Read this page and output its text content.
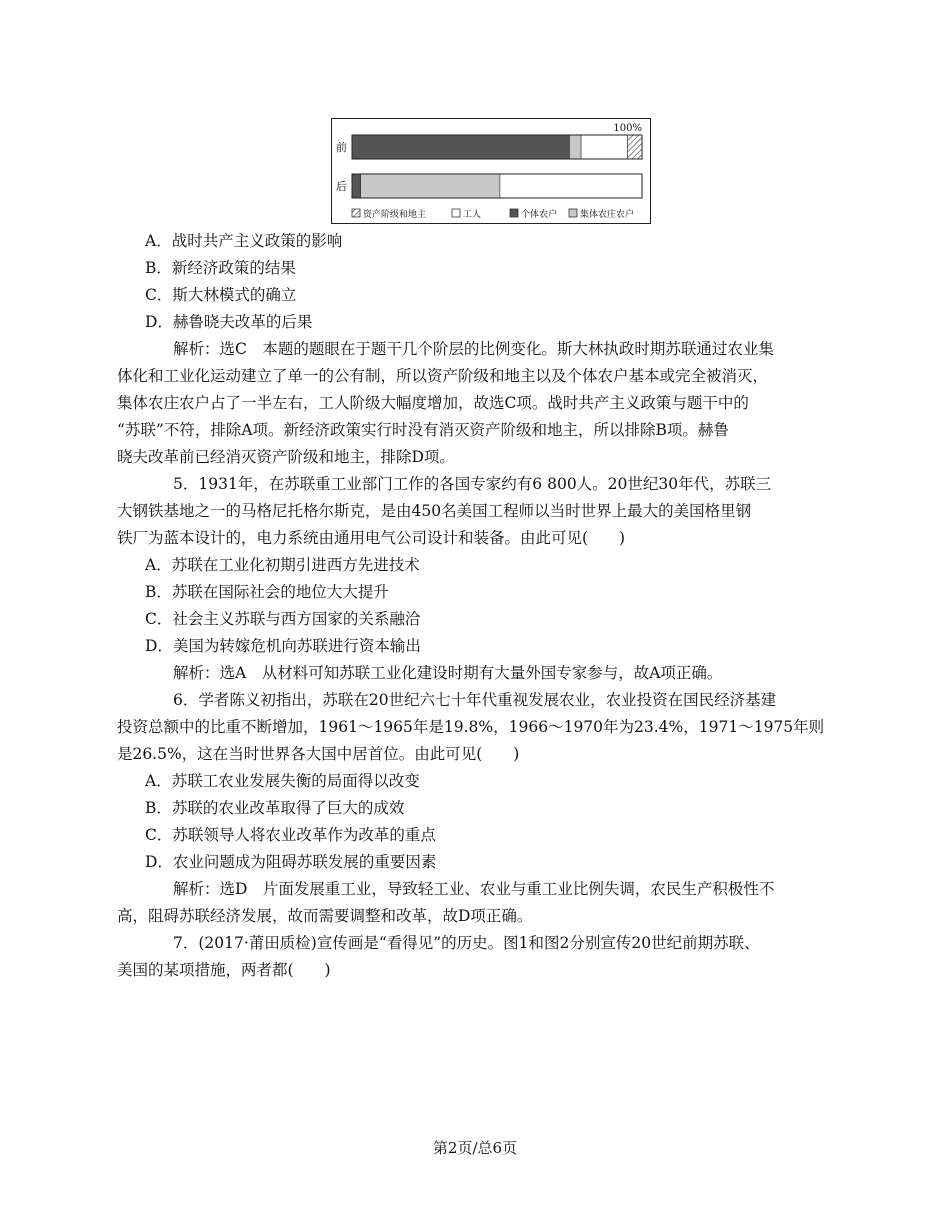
100%
前
后
资产阶级和地主	工人	个体农户	集体农庄农户
A．战时共产主义政策的影响
B．新经济政策的结果
C．斯大林模式的确立
D．赫鲁晓夫改革的后果
解析：选C　本题的题眼在于题干几个阶层的比例变化。斯大林执政时期苏联通过农业集
体化和工业化运动建立了单一的公有制，所以资产阶级和地主以及个体农户基本或完全被消灭，
集体农庄农户占了一半左右，工人阶级大幅度增加，故选C项。战时共产主义政策与题干中的
“苏联”不符，排除A项。新经济政策实行时没有消灭资产阶级和地主，所以排除B项。赫鲁
晓夫改革前已经消灭资产阶级和地主，排除D项。
5．1931年，在苏联重工业部门工作的各国专家约有6 800人。20世纪30年代，苏联三
大钢铁基地之一的马格尼托格尔斯克，是由450名美国工程师以当时世界上最大的美国格里钢
铁厂为蓝本设计的，电力系统由通用电气公司设计和装备。由此可见(　　)
A．苏联在工业化初期引进西方先进技术
B．苏联在国际社会的地位大大提升
C．社会主义苏联与西方国家的关系融洽
D．美国为转嫁危机向苏联进行资本输出
解析：选A　从材料可知苏联工业化建设时期有大量外国专家参与，故A项正确。
6．学者陈义初指出，苏联在20世纪六七十年代重视发展农业，农业投资在国民经济基建
投资总额中的比重不断增加，1961～1965年是19.8%，1966～1970年为23.4%，1971～1975年则
是26.5%，这在当时世界各大国中居首位。由此可见(　　)
A．苏联工农业发展失衡的局面得以改变
B．苏联的农业改革取得了巨大的成效
C．苏联领导人将农业改革作为改革的重点
D．农业问题成为阻碍苏联发展的重要因素
解析：选D　片面发展重工业，导致轻工业、农业与重工业比例失调，农民生产积极性不
高，阻碍苏联经济发展，故而需要调整和改革，故D项正确。
7．(2017·莆田质检)宣传画是“看得见”的历史。图1和图2分别宣传20世纪前期苏联、
美国的某项措施，两者都(　　)
第2页/总6页
